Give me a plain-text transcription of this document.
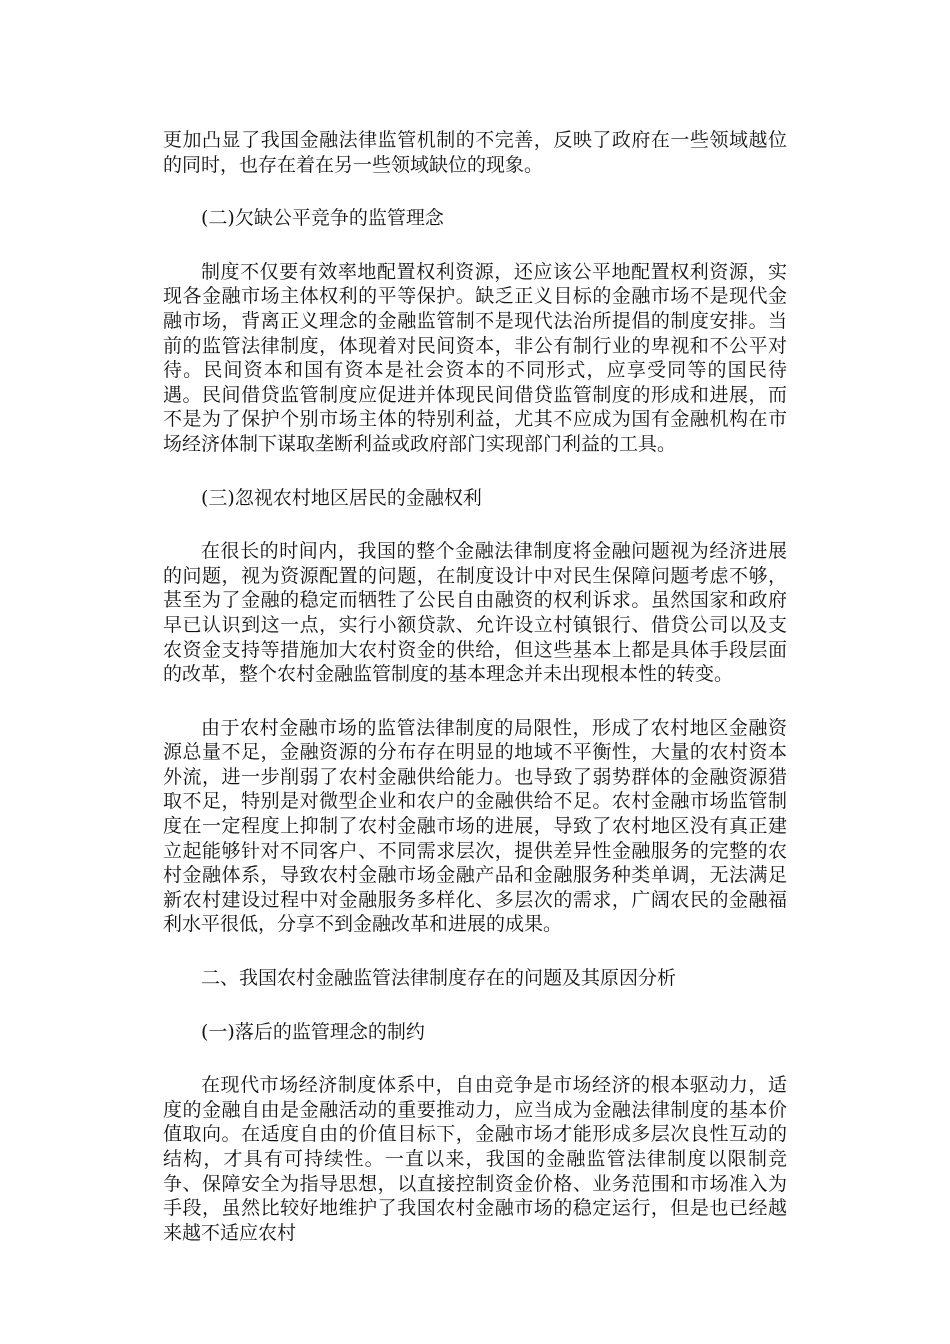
更加凸显了我国金融法律监管机制的不完善，反映了政府在一些领域越位的同时，也存在着在另一些领域缺位的现象。

(二)欠缺公平竞争的监管理念

制度不仅要有效率地配置权利资源，还应该公平地配置权利资源，实现各金融市场主体权利的平等保护。缺乏正义目标的金融市场不是现代金融市场，背离正义理念的金融监管制不是现代法治所提倡的制度安排。当前的监管法律制度，体现着对民间资本，非公有制行业的卑视和不公平对待。民间资本和国有资本是社会资本的不同形式，应享受同等的国民待遇。民间借贷监管制度应促进并体现民间借贷监管制度的形成和进展，而不是为了保护个别市场主体的特别利益，尤其不应成为国有金融机构在市场经济体制下谋取垄断利益或政府部门实现部门利益的工具。

(三)忽视农村地区居民的金融权利

在很长的时间内，我国的整个金融法律制度将金融问题视为经济进展的问题，视为资源配置的问题，在制度设计中对民生保障问题考虑不够，甚至为了金融的稳定而牺牲了公民自由融资的权利诉求。虽然国家和政府早已认识到这一点，实行小额贷款、允许设立村镇银行、借贷公司以及支农资金支持等措施加大农村资金的供给，但这些基本上都是具体手段层面的改革，整个农村金融监管制度的基本理念并未出现根本性的转变。

由于农村金融市场的监管法律制度的局限性，形成了农村地区金融资源总量不足，金融资源的分布存在明显的地域不平衡性，大量的农村资本外流，进一步削弱了农村金融供给能力。也导致了弱势群体的金融资源猎取不足，特别是对微型企业和农户的金融供给不足。农村金融市场监管制度在一定程度上抑制了农村金融市场的进展，导致了农村地区没有真正建立起能够针对不同客户、不同需求层次，提供差异性金融服务的完整的农村金融体系，导致农村金融市场金融产品和金融服务种类单调，无法满足新农村建设过程中对金融服务多样化、多层次的需求，广阔农民的金融福利水平很低，分享不到金融改革和进展的成果。

二、我国农村金融监管法律制度存在的问题及其原因分析

(一)落后的监管理念的制约

在现代市场经济制度体系中，自由竞争是市场经济的根本驱动力，适度的金融自由是金融活动的重要推动力，应当成为金融法律制度的基本价值取向。在适度自由的价值目标下，金融市场才能形成多层次良性互动的结构，才具有可持续性。一直以来，我国的金融监管法律制度以限制竞争、保障安全为指导思想，以直接控制资金价格、业务范围和市场准入为手段，虽然比较好地维护了我国农村金融市场的稳定运行，但是也已经越来越不适应农村
